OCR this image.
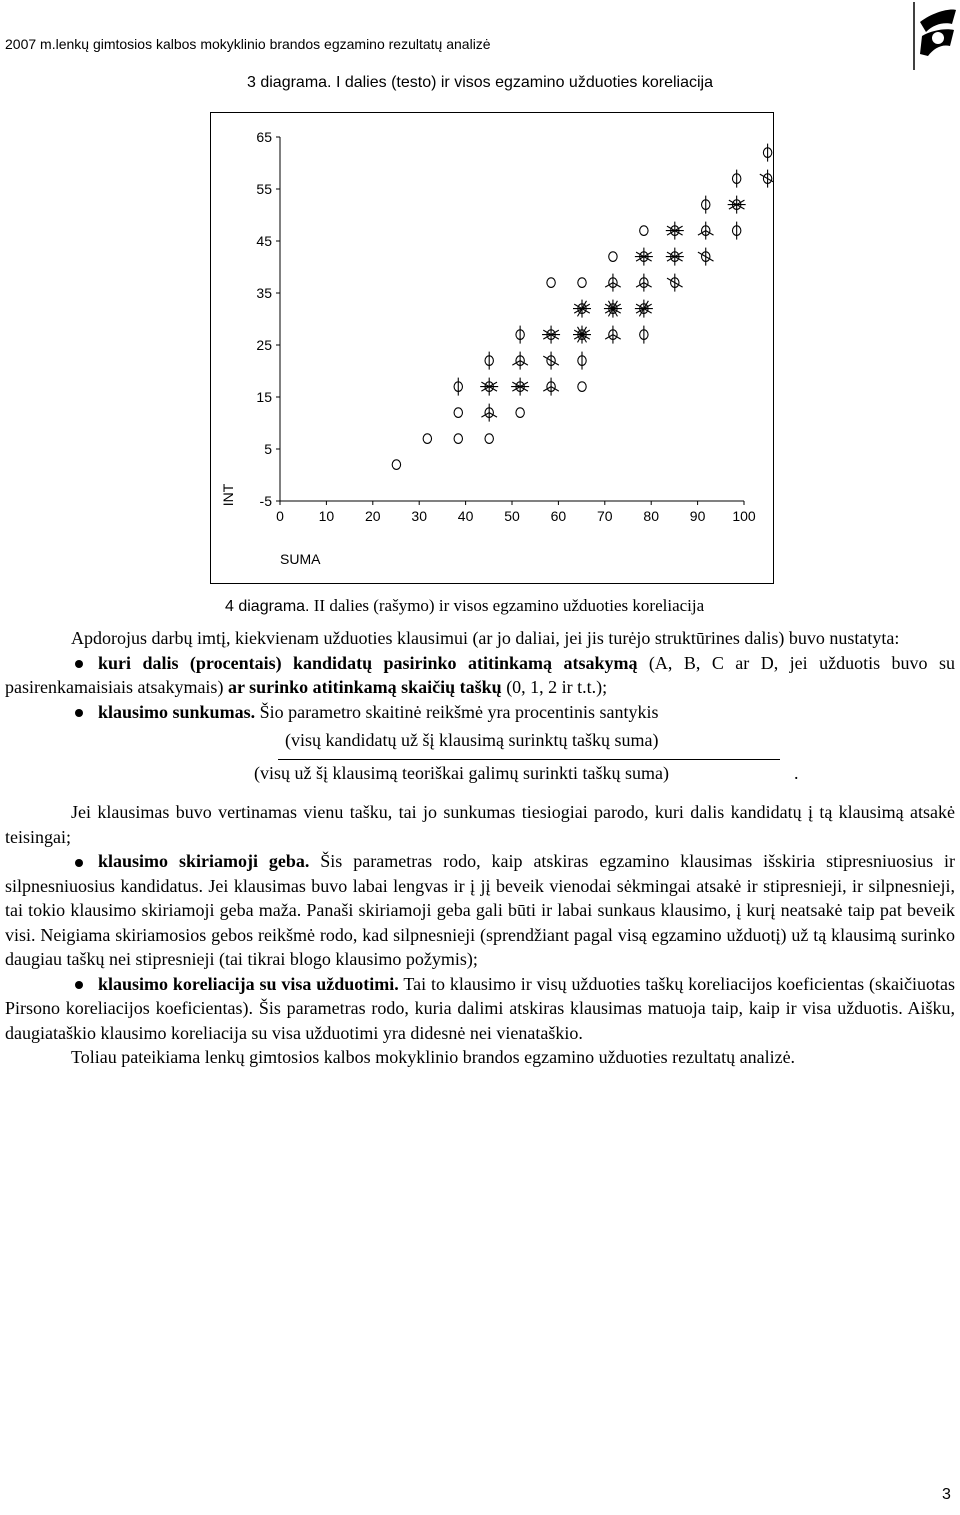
2007 m.lenkų gimtosios kalbos mokyklinio brandos egzamino rezultatų analizė
3 diagrama. I dalies (testo) ir visos egzamino užduoties koreliacija
65
55
45
35
25
15
5
-5
0 10 20 30 40 50 60 70 80 90 100
INT
SUMA
4 diagrama. II dalies (rašymo) ir visos egzamino užduoties koreliacija

Apdorojus darbų imtį, kiekvienam užduoties klausimui (ar jo daliai, jei jis turėjo struktūrines dalis) buvo nustatyta:

kuri dalis (procentais) kandidatų pasirinko atitinkamą atsakymą (A, B, C ar D, jei užduotis buvo su pasirenkamaisiais atsakymais) ar surinko atitinkamą skaičių taškų (0, 1, 2 ir t.t.);

klausimo sunkumas. Šio parametro skaitinė reikšmė yra procentinis santykis

(visų kandidatų už šį klausimą surinktų taškų suma)
(visų už šį klausimą teoriškai galimų surinkti taškų suma)	.

Jei klausimas buvo vertinamas vienu tašku, tai jo sunkumas tiesiogiai parodo, kuri dalis kandidatų į tą klausimą atsakė teisingai;

klausimo skiriamoji geba. Šis parametras rodo, kaip atskiras egzamino klausimas išskiria stipresniuosius ir silpnesniuosius kandidatus. Jei klausimas buvo labai lengvas ir į jį beveik vienodai sėkmingai atsakė ir stipresnieji, ir silpnesnieji, tai tokio klausimo skiriamoji geba maža. Panaši skiriamoji geba gali būti ir labai sunkaus klausimo, į kurį neatsakė taip pat beveik visi. Neigiama skiriamosios gebos reikšmė rodo, kad silpnesnieji (sprendžiant pagal visą egzamino užduotį) už tą klausimą surinko daugiau taškų nei stipresnieji (tai tikrai blogo klausimo požymis);

klausimo koreliacija su visa užduotimi. Tai to klausimo ir visų užduoties taškų koreliacijos koeficientas (skaičiuotas Pirsono koreliacijos koeficientas). Šis parametras rodo, kuria dalimi atskiras klausimas matuoja taip, kaip ir visa užduotis. Aišku, daugiataškio klausimo koreliacija su visa užduotimi yra didesnė nei vienataškio.

Toliau pateikiama lenkų gimtosios kalbos mokyklinio brandos egzamino užduoties rezultatų analizė.

3
